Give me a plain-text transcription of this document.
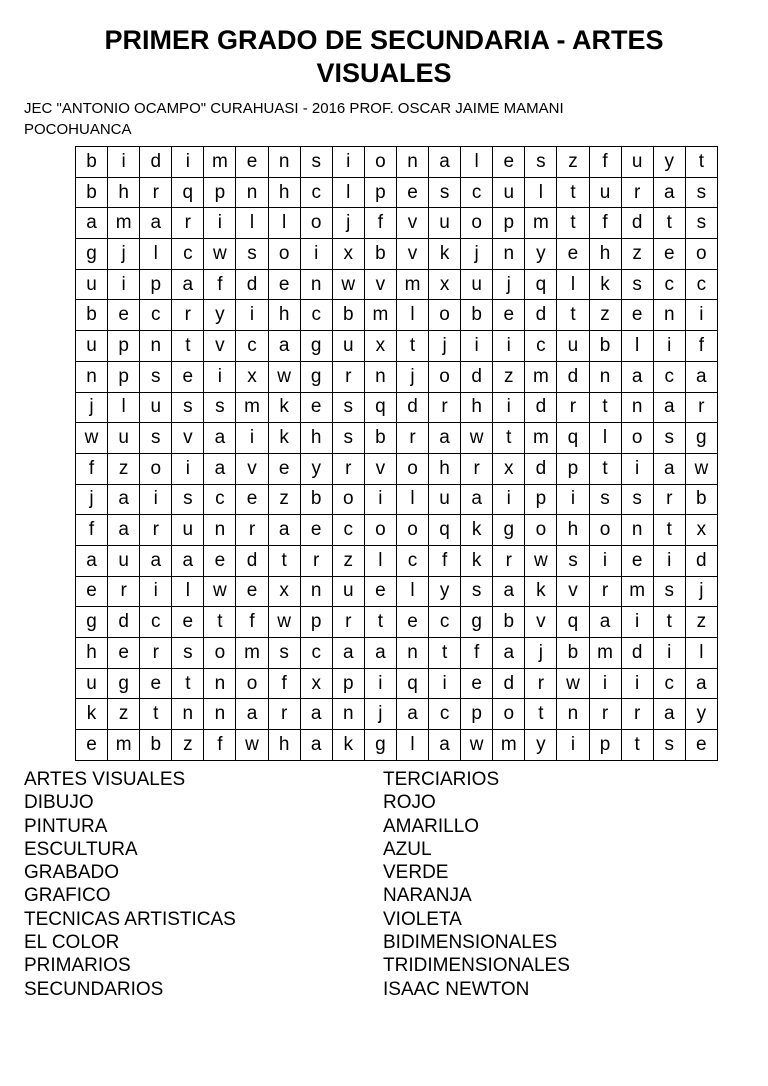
PRIMER GRADO DE SECUNDARIA - ARTES VISUALES

JEC "ANTONIO OCAMPO" CURAHUASI - 2016 PROF. OSCAR JAIME MAMANI POCOHUANCA

b	i	d	i	m	e	n	s	i	o	n	a	l	e	s	z	f	u	y	t
b	h	r	q	p	n	h	c	l	p	e	s	c	u	l	t	u	r	a	s
a	m	a	r	i	l	l	o	j	f	v	u	o	p	m	t	f	d	t	s
g	j	l	c	w	s	o	i	x	b	v	k	j	n	y	e	h	z	e	o
u	i	p	a	f	d	e	n	w	v	m	x	u	j	q	l	k	s	c	c
b	e	c	r	y	i	h	c	b	m	l	o	b	e	d	t	z	e	n	i
u	p	n	t	v	c	a	g	u	x	t	j	i	i	c	u	b	l	i	f
n	p	s	e	i	x	w	g	r	n	j	o	d	z	m	d	n	a	c	a
j	l	u	s	s	m	k	e	s	q	d	r	h	i	d	r	t	n	a	r
w	u	s	v	a	i	k	h	s	b	r	a	w	t	m	q	l	o	s	g
f	z	o	i	a	v	e	y	r	v	o	h	r	x	d	p	t	i	a	w
j	a	i	s	c	e	z	b	o	i	l	u	a	i	p	i	s	s	r	b
f	a	r	u	n	r	a	e	c	o	o	q	k	g	o	h	o	n	t	x
a	u	a	a	e	d	t	r	z	l	c	f	k	r	w	s	i	e	i	d
e	r	i	l	w	e	x	n	u	e	l	y	s	a	k	v	r	m	s	j
g	d	c	e	t	f	w	p	r	t	e	c	g	b	v	q	a	i	t	z
h	e	r	s	o	m	s	c	a	a	n	t	f	a	j	b	m	d	i	l
u	g	e	t	n	o	f	x	p	i	q	i	e	d	r	w	i	i	c	a
k	z	t	n	n	a	r	a	n	j	a	c	p	o	t	n	r	r	a	y
e	m	b	z	f	w	h	a	k	g	l	a	w	m	y	i	p	t	s	e
ARTES VISUALES
DIBUJO
PINTURA
ESCULTURA
GRABADO
GRAFICO
TECNICAS ARTISTICAS
EL COLOR
PRIMARIOS
SECUNDARIOS
TERCIARIOS
ROJO
AMARILLO
AZUL
VERDE
NARANJA
VIOLETA
BIDIMENSIONALES
TRIDIMENSIONALES
ISAAC NEWTON
